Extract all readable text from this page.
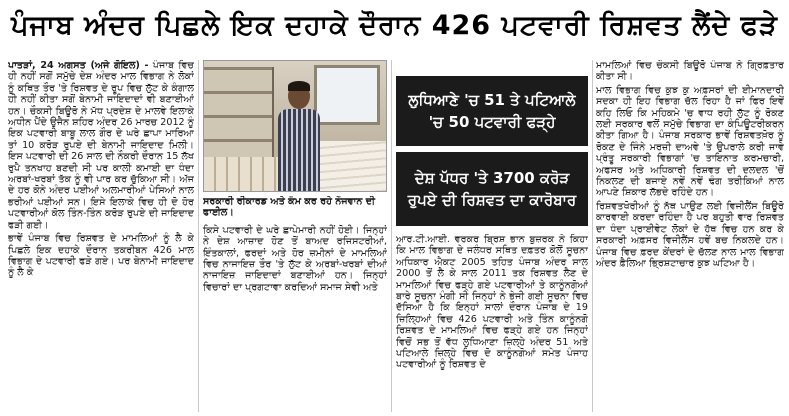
ਪੰਜਾਬ ਅੰਦਰ ਪਿਛਲੇ ਇਕ ਦਹਾਕੇ ਦੌਰਾਨ 426 ਪਟਵਾਰੀ ਰਿਸ਼ਵਤ ਲੈਂਦੇ ਫੜੇ

ਪਾਤੜਾਂ, 24 ਅਗਸਤ (ਅਜੇ ਗੋਇਲ) - ਪੰਜਾਬ ਵਿਚ ਹੀ ਨਹੀਂ ਸਗੋਂ ਸਮੁੱਚੇ ਦੇਸ਼ ਅੰਦਰ ਮਾਲ ਵਿਭਾਗ ਨੇ ਲੋਕਾਂ ਨੂੰ ਕਥਿਤ ਤੌਰ 'ਤੇ ਰਿਸ਼ਵਤ ਦੇ ਰੂਪ ਵਿਚ ਲੁੱਟ ਕੇ ਕੰਗਾਲ ਹੀ ਨਹੀਂ ਕੀਤਾ ਸਗੋਂ ਬੇਨਾਮੀ ਜਾਇਦਾਦਾਂ ਵੀ ਬਣਾਈਆਂ ਹਨ। ਚੌਕਸੀ ਬਿਊਰੋ ਨੇ ਮੱਧ ਪ੍ਰਦੇਸ਼ ਦੇ ਮਾਲਵੇ ਇਲਾਕੇ ਅਧੀਨ ਪੈਂਦੇ ਉਜੈਨ ਸ਼ਹਿਰ ਅੰਦਰ 26 ਮਾਰਚ 2012 ਨੂੰ ਇਕ ਪਟਵਾਰੀ ਬਾਬੂ ਲਾਲ ਗੌਰ ਦੇ ਘਰੇ ਛਾਪਾ ਮਾਰਿਆ ਤਾਂ 10 ਕਰੋੜ ਰੁਪਏ ਦੀ ਬੇਨਾਮੀ ਜਾਇਦਾਦ ਮਿਲੀ। ਇਸ ਪਟਵਾਰੀ ਦੀ 26 ਸਾਲ ਦੀ ਨੌਕਰੀ ਦੌਰਾਨ 15 ਲੱਖ ਰੁਪੈ ਤਨਖਾਹ ਬਣਦੀ ਸੀ ਪਰ ਕਾਲੀ ਕਮਾਈ ਦਾ ਧੰਦਾ ਅਰਬਾਂ-ਖਰਬਾਂ ਤੱਕ ਨੂੰ ਵੀ ਪਾਰ ਕਰ ਚੁੱਕਿਆ ਸੀ। ਅੱਜ ਦੇ ਹਰ ਕੋਨੇ ਅੰਦਰ ਪਈਆਂ ਅਲਮਾਰੀਆਂ ਪੇਸਿਆਂ ਨਾਲ ਭਰੀਆਂ ਪਈਆਂ ਸਨ। ਇਸੇ ਇਲਾਕੇ ਵਿਚ ਹੀ ਦੋ ਹੋਰ ਪਟਵਾਰੀਆਂ ਕੋਲ ਤਿੰਨ-ਤਿੰਨ ਕਰੋੜ ਰੁਪਏ ਦੀ ਜਾਇਦਾਦ ਫੜੀ ਗਈ।

ਭਾਵੇਂ ਪੰਜਾਬ ਵਿਚ ਰਿਸ਼ਵਤ ਦੇ ਮਾਮਲਿਆਂ ਨੂੰ ਲੈ ਕੇ ਪਿਛਲੇ ਇਕ ਦਹਾਕੇ ਦੌਰਾਨ ਤਕਰੀਬਨ 426 ਮਾਲ ਵਿਭਾਗ ਦੇ ਪਟਵਾਰੀ ਫੜੇ ਗਏ। ਪਰ ਬੇਨਾਮੀ ਜਾਇਦਾਦ ਨੂੰ ਲੈ ਕੇ

ਸਰਕਾਰੀ ਰੀਕਾਰਡ ਅਤੇ ਕੰਮ ਕਰ ਰਹੇ ਨੌਜਵਾਨ ਦੀ ਫਾਈਲ।

ਕਿਸੇ ਪਟਵਾਰੀ ਦੇ ਘਰੇ ਛਾਪੇਮਾਰੀ ਨਹੀਂ ਹੋਈ। ਜਿਨ੍ਹਾਂ ਨੇ ਦੇਸ਼ ਆਜ਼ਾਦ ਹੋਣ ਤੋਂ ਬਾਅਦ ਰਜਿਸਟਰੀਆਂ, ਇੰਤਕਾਲਾਂ, ਫਰਦਾਂ ਅਤੇ ਹੋਰ ਜ਼ਮੀਨਾਂ ਦੇ ਮਾਮਲਿਆਂ ਵਿਚ ਨਾਜਾਇਜ਼ ਤੌਰ 'ਤੇ ਲੁੱਟ ਕੇ ਅਰਬਾਂ-ਖਰਬਾਂ ਦੀਆਂ ਨਾਜਾਇਜ਼ ਜਾਇਦਾਦਾਂ ਬਣਾਈਆਂ ਹਨ। ਜਿਨ੍ਹਾਂ ਵਿਚਾਰਾਂ ਦਾ ਪ੍ਰਗਟਾਵਾ ਕਰਦਿਆਂ ਸਮਾਜ ਸੇਵੀ ਅਤੇ

ਲੁਧਿਆਣੇ 'ਚ 51 ਤੇ ਪਟਿਆਲੇ 'ਚ 50 ਪਟਵਾਰੀ ਫੜ੍ਹੇ
ਦੇਸ਼ ਪੱਧਰ 'ਤੇ 3700 ਕਰੋੜ ਰੁਪਏ ਦੀ ਰਿਸ਼ਵਤ ਦਾ ਕਾਰੋਬਾਰ

ਆਰ.ਟੀ.ਆਈ. ਵਰਕਰ ਬ੍ਰਿਸ਼ ਭਾਨ ਬੁਜ਼ਰਕ ਨੇ ਕਿਹਾ ਕਿ ਮਾਲ ਵਿਭਾਗ ਦੇ ਜਲੰਧਰ ਸਥਿਤ ਦਫ਼ਤਰ ਕੋਲੋਂ ਸੂਚਨਾ ਅਧਿਕਾਰ ਐਕਟ 2005 ਤਹਿਤ ਪੰਜਾਬ ਅੰਦਰ ਸਾਲ 2000 ਤੋਂ ਲੈ ਕੇ ਸਾਲ 2011 ਤਕ ਰਿਸ਼ਵਤ ਲੈਣ ਦੇ ਮਾਮਲਿਆਂ ਵਿਚ ਫੜ੍ਹੇ ਗਏ ਪਟਵਾਰੀਆਂ ਤੇ ਕਾਨੂੰਨਗੋਆਂ ਬਾਰੇ ਸੂਚਨਾ ਮੰਗੀ ਸੀ ਜਿਨ੍ਹਾਂ ਨੇ ਭੇਜੀ ਗਈ ਸੂਚਨਾ ਵਿਚ ਦੱਸਿਆ ਹੈ ਕਿ ਇਨ੍ਹਾਂ ਸਾਲਾਂ ਦੌਰਾਨ ਪੰਜਾਬ ਦੇ 19 ਜ਼ਿਲ੍ਹਿਆਂ ਵਿਚ 426 ਪਟਵਾਰੀ ਅਤੇ ਤਿੰਨ ਕਾਨੂੰਨਗੋ ਰਿਸ਼ਵਤ ਦੇ ਮਾਮਲਿਆਂ ਵਿਚ ਫੜ੍ਹੇ ਗਏ ਹਨ ਜਿਨ੍ਹਾਂ ਵਿਚੋਂ ਸਭ ਤੋਂ ਵੱਧ ਲੁਧਿਆਣਾ ਜ਼ਿਲ੍ਹੇ ਅੰਦਰ 51 ਅਤੇ ਪਟਿਆਲੇ ਜ਼ਿਲ੍ਹੇ ਵਿਚ ਦੋ ਕਾਨੂੰਨਗੋਆਂ ਸਮੇਤ ਪੰਜਾਹ ਪਟਵਾਰੀਆਂ ਨੂੰ ਰਿਸ਼ਵਤ ਦੇ

ਮਾਮਲਿਆਂ ਵਿਚ ਚੌਕਸੀ ਬਿਊਰੋ ਪੰਜਾਬ ਨੇ ਗ੍ਰਿਫ਼ਤਾਰ ਕੀਤਾ ਸੀ।

ਮਾਲ ਵਿਭਾਗ ਵਿਚ ਕੁਝ ਕੁ ਅਫ਼ਸਰਾਂ ਦੀ ਈਮਾਨਦਾਰੀ ਸਦਕਾ ਹੀ ਇਹ ਵਿਭਾਗ ਚੱਲ ਰਿਹਾ ਹੈ ਜਾਂ ਫਿਰ ਇਵੇਂ ਕਹਿ ਲਿਓ ਕਿ ਮਹਿਕਮੇ 'ਚ ਵਾਧ ਰਹੀ ਲੁੱਟ ਨੂੰ ਰੋਕਣ ਲਈ ਸਰਕਾਰ ਵਲੋਂ ਸਮੁੱਚੇ ਵਿਭਾਗ ਦਾ ਕੰਪਿਊਟਰੀਕਰਨ ਕੀਤਾ ਗਿਆ ਹੈ। ਪੰਜਾਬ ਸਰਕਾਰ ਭਾਵੇਂ ਰਿਸ਼ਵਤਖ਼ੋਰ ਨੂੰ ਰੋਕਣ ਦੇ ਜਿੰਨੇ ਮਰਜ਼ੀ ਦਾਅਵੇ 'ਤੇ ਉਪਰਾਲੇ ਕਰੀ ਜਾਵੇ ਪ੍ਰੰਤੂ ਸਰਕਾਰੀ ਵਿਭਾਗਾਂ 'ਚ ਤਾਇਨਾਤ ਕਰਮਚਾਰੀ, ਅਫਸਰ ਅਤੇ ਅਧਿਕਾਰੀ ਰਿਸ਼ਵਤ ਦੀ ਦਲਦਲ 'ਚੋਂ ਨਿਕਲਣ ਦੀ ਬਜਾਏ ਨਵੇਂ ਨਵੇਂ ਢੰਗ ਤਰੀਕਿਆਂ ਨਾਲ ਆਪਣੇ ਸ਼ਿਕਾਰ ਲੱਭਦੇ ਰਹਿੰਦੇ ਹਨ।

ਰਿਸ਼ਵਤਖੋਰੀਆਂ ਨੂੰ ਨੱਥ ਪਾਉਣ ਲਈ ਵਿਜੀਲੈਂਸ ਬਿਊਰੋ ਕਾਰਵਾਈ ਕਰਦਾ ਰਹਿੰਦਾ ਹੈ ਪਰ ਬਹੁਤੀ ਵਾਰ ਰਿਸ਼ਵਤ ਦਾ ਧੰਦਾ ਪ੍ਰਾਈਵੇਟ ਲੋਕਾਂ ਦੇ ਹੱਥ ਵਿਚ ਹਨ ਕਰ ਕੇ ਸਰਕਾਰੀ ਅਫ਼ਸਰ ਵਿਜੀਲੈਂਸ ਹਵੇਂ ਬਚ ਨਿਕਲਦੇ ਹਨ। ਪੰਜਾਬ ਵਿਚ ਫ਼ਰਦ ਕੇਂਦਰਾਂ ਦੇ ਚੱਲਣ ਨਾਲ ਮਾਲ ਵਿਭਾਗ ਅੰਦਰ ਫ਼ੈਲਿਆ ਭ੍ਰਿਸ਼ਟਾਚਾਰ ਕੁਝ ਘਟਿਆ ਹੈ।
